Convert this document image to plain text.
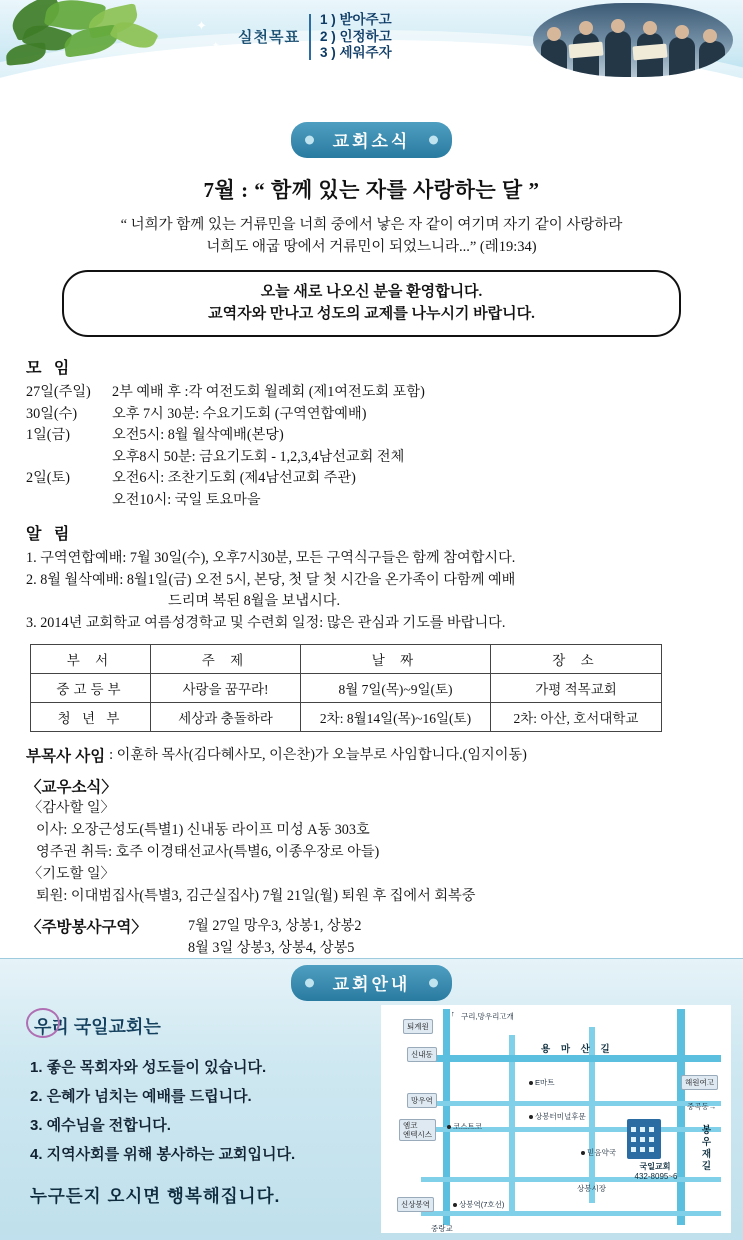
✦
✦
✦
실천목표
1 ) 받아주고
2 ) 인정하고
3 ) 세워주자
교회소식
7월 : “ 함께 있는 자를 사랑하는 달 ”
“ 너희가 함께 있는 거류민을 너희 중에서 낳은 자 같이 여기며 자기 같이 사랑하라
너희도 애굽 땅에서 거류민이 되었느니라...” (레19:34)
오늘 새로 나오신 분을 환영합니다.
교역자와 만나고 성도의 교제를 나누시기 바랍니다.
모 임
27일(주일)	2부 예배 후 :각 여전도회 월례회 (제1여전도회 포함)
30일(수)	오후 7시 30분: 수요기도회 (구역연합예배)
1일(금)	오전5시: 8월 월삭예배(본당)
오후8시 50분: 금요기도회 - 1,2,3,4남선교회 전체
2일(토)	오전6시: 조찬기도회 (제4남선교회 주관)
오전10시: 국일 토요마을
알 림
1. 구역연합예배: 7월 30일(수), 오후7시30분, 모든 구역식구들은 함께 참여합시다.
2. 8월 월삭예배: 8월1일(금) 오전 5시, 본당, 첫 달 첫 시간을 온가족이 다함께 예배
드리며 복된 8월을 보냅시다.
3. 2014년 교회학교 여름성경학교 및 수련회 일정: 많은 관심과 기도를 바랍니다.
부 서	주 제	날 짜	장 소
중고등부	사랑을 꿈꾸라!	8월 7일(목)~9일(토)	가평 적목교회
청 년 부	세상과 충돌하라	2차: 8월14일(목)~16일(토)	2차: 아산, 호서대학교
부목사 사임 : 이훈하 목사(김다혜사모, 이은찬)가 오늘부로 사임합니다.(임지이동)
〈교우소식〉
〈감사할 일〉
이사: 오장근성도(특별1) 신내동 라이프 미성 A동 303호
영주권 취득: 호주 이경태선교사(특별6, 이종우장로 아들)
〈기도할 일〉
퇴원: 이대범집사(특별3, 김근실집사) 7월 21일(월) 퇴원 후 집에서 회복중
〈주방봉사구역〉	7월 27일 망우3, 상봉1, 상봉2
8월 3일 상봉3, 상봉4, 상봉5
교회안내
우리 국일교회는
1. 좋은 목회자와 성도들이 있습니다.
2. 은혜가 넘치는 예배를 드립니다.
3. 예수님을 전합니다.
4. 지역사회를 위해 봉사하는 교회입니다.
누구든지 오시면 행복해집니다.
용 마 산 길
봉 우 재 길
↑ 구리,망우리고개
퇴계원
신내동
망우역
엠코
엔텍시스
코스트코
E마트
상봉터미널후문
해원여고
중곡동→
믿음약국
상봉시장
신상봉역	상봉역(7호선)
중랑교
국일교회
432-8095~6
